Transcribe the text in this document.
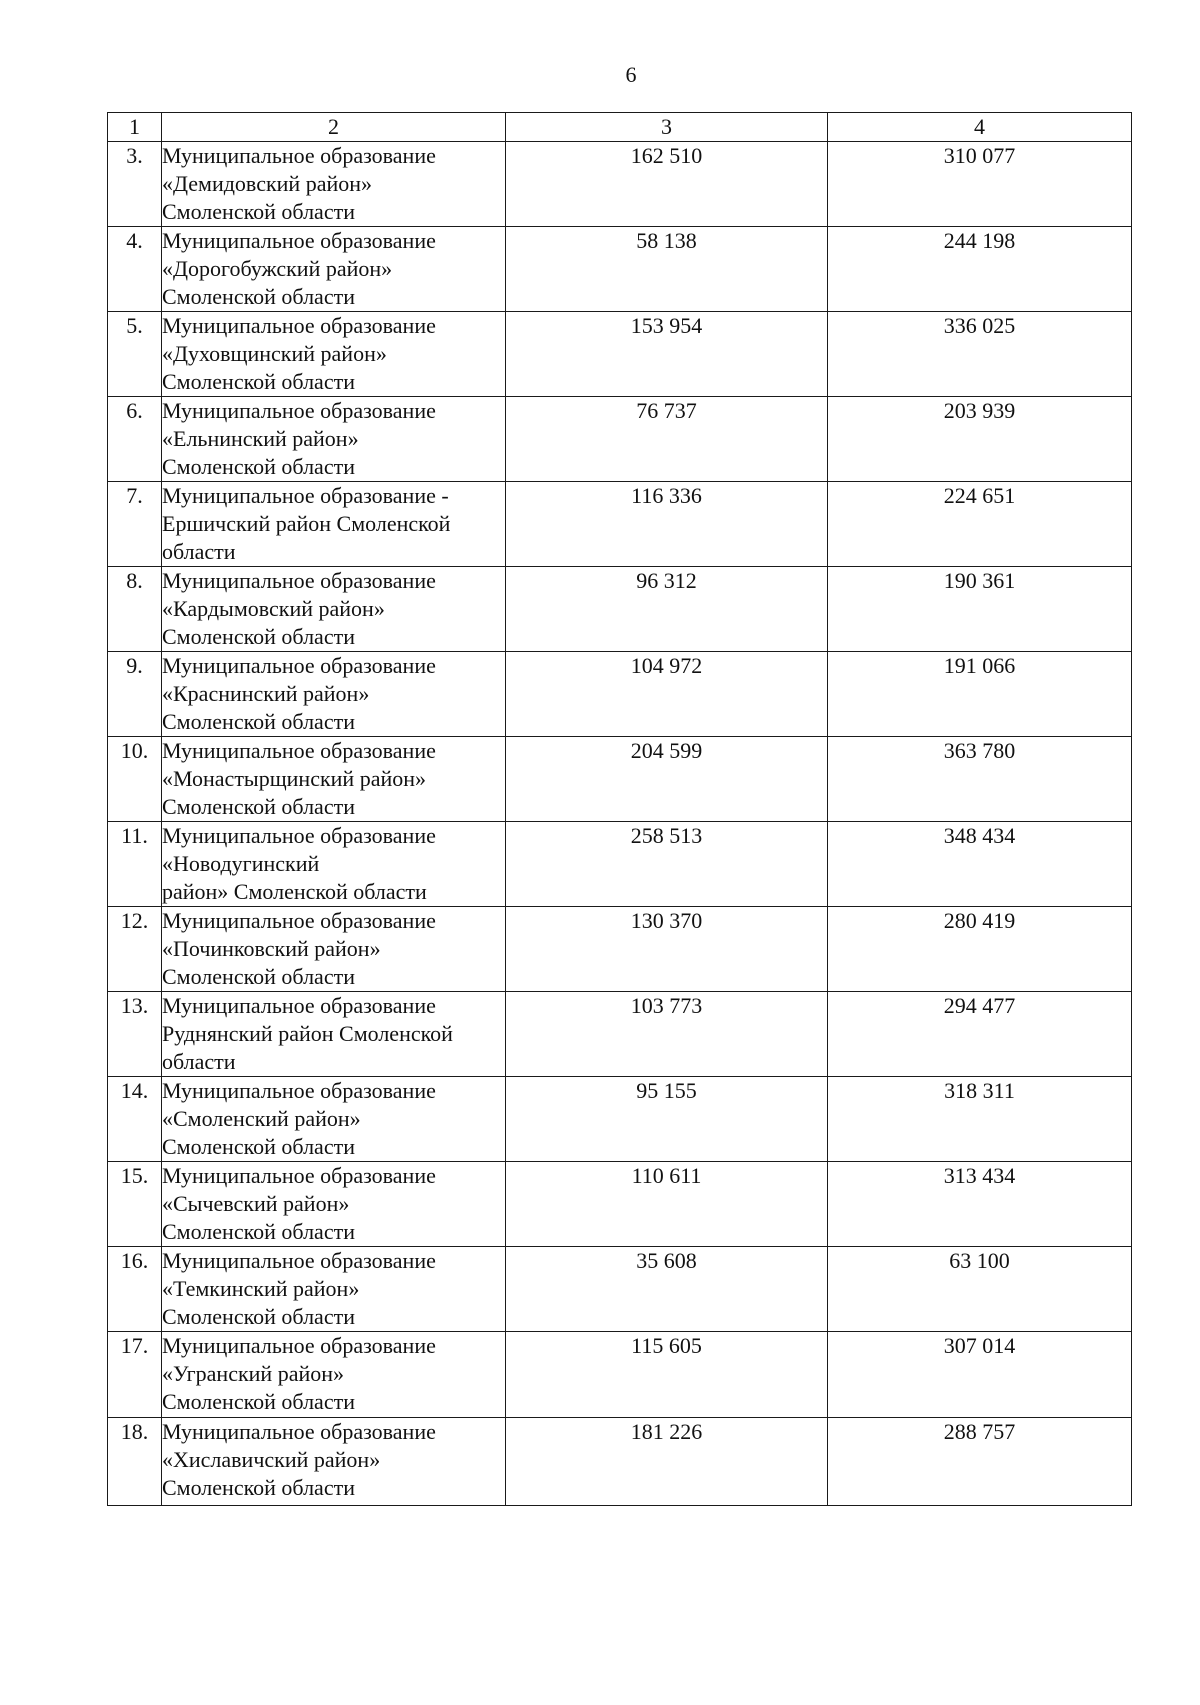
6
1	2	3	4
3.	Муниципальное образование
«Демидовский район»
Смоленской области	162 510	310 077
4.	Муниципальное образование
«Дорогобужский район»
Смоленской области	58 138	244 198
5.	Муниципальное образование
«Духовщинский район»
Смоленской области	153 954	336 025
6.	Муниципальное образование
«Ельнинский район»
Смоленской области	76 737	203 939
7.	Муниципальное образование -
Ершичский район Смоленской
области	116 336	224 651
8.	Муниципальное образование
«Кардымовский район»
Смоленской области	96 312	190 361
9.	Муниципальное образование
«Краснинский район»
Смоленской области	104 972	191 066
10.	Муниципальное образование
«Монастырщинский район»
Смоленской области	204 599	363 780
11.	Муниципальное образование
«Новодугинский
район» Смоленской области	258 513	348 434
12.	Муниципальное образование
«Починковский район»
Смоленской области	130 370	280 419
13.	Муниципальное образование
Руднянский район Смоленской
области	103 773	294 477
14.	Муниципальное образование
«Смоленский район»
Смоленской области	95 155	318 311
15.	Муниципальное образование
«Сычевский район»
Смоленской области	110 611	313 434
16.	Муниципальное образование
«Темкинский район»
Смоленской области	35 608	63 100
17.	Муниципальное образование
«Угранский район»
Смоленской области	115 605	307 014
18.	Муниципальное образование
«Хиславичский район»
Смоленской области	181 226	288 757
